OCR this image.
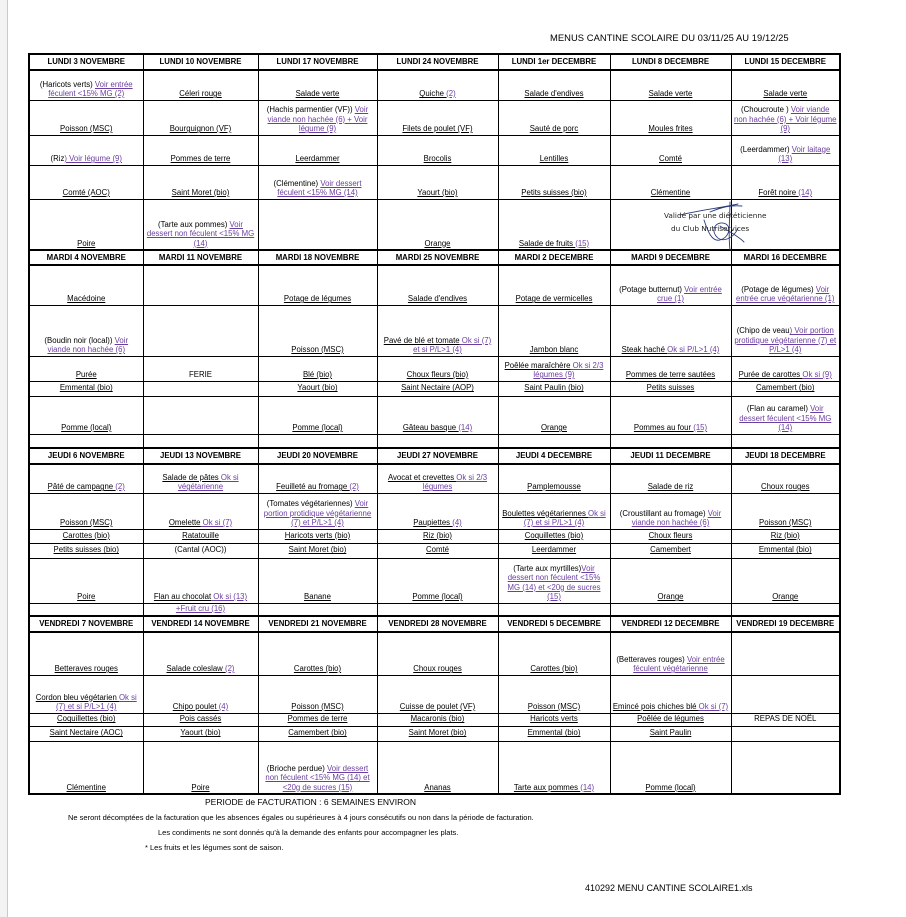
MENUS CANTINE SCOLAIRE DU 03/11/25 AU 19/12/25
LUNDI 3 NOVEMBRE	LUNDI 10 NOVEMBRE	LUNDI 17 NOVEMBRE	LUNDI 24 NOVEMBRE	LUNDI 1er DECEMBRE	LUNDI 8 DECEMBRE	LUNDI 15 DECEMBRE
(Haricots verts) Voir entrée féculent <15% MG (2)	Céleri rouge	Salade verte	Quiche (2)	Salade d'endives	Salade verte	Salade verte
Poisson (MSC)	Bourguignon (VF)	(Hachis parmentier (VF)) Voir viande non hachée (6) + Voir légume (9)	Filets de poulet (VF)	Sauté de porc	Moules frites	(Choucroute ) Voir viande non hachée (6) + Voir légume (9)
(Riz) Voir légume (9)	Pommes de terre	Leerdammer	Brocolis	Lentilles	Comté	(Leerdammer) Voir laitage (13)
Comté (AOC)	Saint Moret (bio)	(Clémentine) Voir dessert féculent <15% MG (14)	Yaourt (bio)	Petits suisses (bio)	Clémentine	Forêt noire (14)
Poire	(Tarte aux pommes) Voir dessert non féculent <15% MG (14)		Orange	Salade de fruits (15)		
MARDI 4 NOVEMBRE	MARDI 11 NOVEMBRE	MARDI 18 NOVEMBRE	MARDI 25 NOVEMBRE	MARDI 2 DECEMBRE	MARDI 9 DECEMBRE	MARDI 16 DECEMBRE
Macédoine		Potage de légumes	Salade d'endives	Potage de vermicelles	(Potage butternut) Voir entrée crue (1)	(Potage de légumes) Voir entrée crue végétarienne (1)
(Boudin noir (local)) Voir viande non hachée (6)		Poisson (MSC)	Pavé de blé et tomate Ok si (7) et si P/L>1 (4)	Jambon blanc	Steak haché Ok si P/L>1 (4)	(Chipo de veau) Voir portion protidique végétarienne (7) et P/L>1 (4)
Purée	FERIE	Blé (bio)	Choux fleurs (bio)	Poêlée maraîchère Ok si 2/3 légumes (9)	Pommes de terre sautées	Purée de carottes Ok si (9)
Emmental (bio)		Yaourt (bio)	Saint Nectaire (AOP)	Saint Paulin (bio)	Petits suisses	Camembert (bio)
Pomme (local)		Pomme (local)	Gâteau basque (14)	Orange	Pommes au four (15)	(Flan au caramel) Voir dessert féculent <15% MG (14)

JEUDI 6 NOVEMBRE	JEUDI 13 NOVEMBRE	JEUDI 20 NOVEMBRE	JEUDI 27 NOVEMBRE	JEUDI 4 DECEMBRE	JEUDI 11 DECEMBRE	JEUDI 18 DECEMBRE
Pâté de campagne (2)	Salade de pâtes Ok si végétarienne	Feuilleté au fromage (2)	Avocat et crevettes Ok si 2/3 légumes	Pamplemousse	Salade de riz	Choux rouges
Poisson (MSC)	Omelette Ok si (7)	(Tomates végétariennes) Voir portion protidique végétarienne (7) et P/L>1 (4)	Paupiettes (4)	Boulettes végétariennes Ok si (7) et si P/L>1 (4)	(Croustillant au fromage) Voir viande non hachée (6)	Poisson (MSC)
Carottes (bio)	Ratatouille	Haricots verts (bio)	Riz (bio)	Coquillettes (bio)	Choux fleurs	Riz (bio)
Petits suisses (bio)	(Cantal (AOC))	Saint Moret (bio)	Comté	Leerdammer	Camembert	Emmental (bio)
Poire	Flan au chocolat Ok si (13)	Banane	Pomme (local)	(Tarte aux myrtilles)Voir dessert non féculent <15% MG (14) et <20g de sucres (15)	Orange	Orange
	+Fruit cru (16)					
VENDREDI 7 NOVEMBRE	VENDREDI 14 NOVEMBRE	VENDREDI 21 NOVEMBRE	VENDREDI 28 NOVEMBRE	VENDREDI 5 DECEMBRE	VENDREDI 12 DECEMBRE	VENDREDI 19 DECEMBRE
Betteraves rouges	Salade coleslaw (2)	Carottes (bio)	Choux rouges	Carottes (bio)	(Betteraves rouges) Voir entrée féculent végétarienne	
Cordon bleu végétarien Ok si (7) et si P/L>1 (4)	Chipo poulet (4)	Poisson (MSC)	Cuisse de poulet (VF)	Poisson (MSC)	Emincé pois chiches blé Ok si (7)	
Coquillettes (bio)	Pois cassés	Pommes de terre	Macaronis (bio)	Haricots verts	Poêlée de légumes	REPAS DE NOËL
Saint Nectaire (AOC)	Yaourt (bio)	Camembert (bio)	Saint Moret (bio)	Emmental (bio)	Saint Paulin	
Clémentine	Poire	(Brioche perdue) Voir dessert non féculent <15% MG (14) et <20g de sucres (15)	Ananas	Tarte aux pommes (14)	Pomme (local)	
Validé par une diététicienne
du Club Nutriservices
PERIODE de FACTURATION : 6 SEMAINES ENVIRON
Ne seront décomptées de la facturation que les absences égales ou supérieures à 4 jours consécutifs ou non dans la période de facturation.
Les condiments ne sont donnés qu'à la demande des enfants pour accompagner les plats.
* Les fruits et les légumes sont de saison.
410292 MENU CANTINE SCOLAIRE1.xls
